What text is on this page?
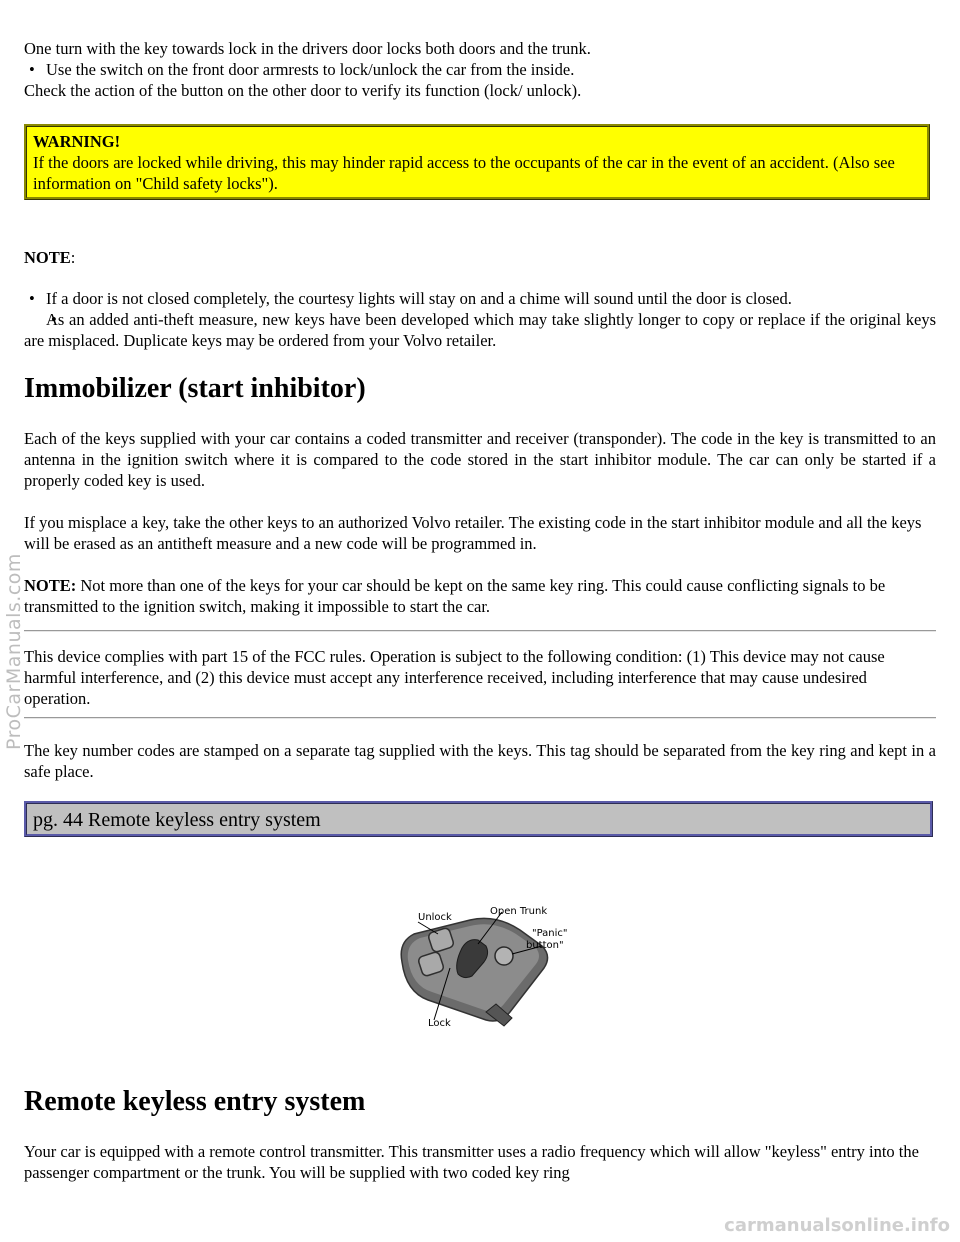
One turn with the key towards lock in the drivers door locks both doors and the trunk.

• Use the switch on the front door armrests to lock/unlock the car from the inside.

Check the action of the button on the other door to verify its function (lock/ unlock).

WARNING!
If the doors are locked while driving, this may hinder rapid access to the occupants of the car in the event of an accident. (Also see information on "Child safety locks").

NOTE:

• If a door is not closed completely, the courtesy lights will stay on and a chime will sound until the door is closed.
• As an added anti-theft measure, new keys have been developed which may take slightly longer to copy or replace if the original keys are misplaced. Duplicate keys may be ordered from your Volvo retailer.
Immobilizer (start inhibitor)

Each of the keys supplied with your car contains a coded transmitter and receiver (transponder). The code in the key is transmitted to an antenna in the ignition switch where it is compared to the code stored in the start inhibitor module. The car can only be started if a properly coded key is used.

If you misplace a key, take the other keys to an authorized Volvo retailer. The existing code in the start inhibitor module and all the keys will be erased as an antitheft measure and a new code will be programmed in.

NOTE: Not more than one of the keys for your car should be kept on the same key ring. This could cause conflicting signals to be transmitted to the ignition switch, making it impossible to start the car.

This device complies with part 15 of the FCC rules. Operation is subject to the following condition: (1) This device may not cause harmful interference, and (2) this device must accept any interference received, including interference that may cause undesired operation.

The key number codes are stamped on a separate tag supplied with the keys. This tag should be separated from the key ring and kept in a safe place.

pg. 44 Remote keyless entry system
Unlock
Open Trunk
"Panic"
button"
Lock
Remote keyless entry system

Your car is equipped with a remote control transmitter. This transmitter uses a radio frequency which will allow "keyless" entry into the passenger compartment or the trunk. You will be supplied with two coded key ring

ProCarManuals.com
carmanualsonline.info
